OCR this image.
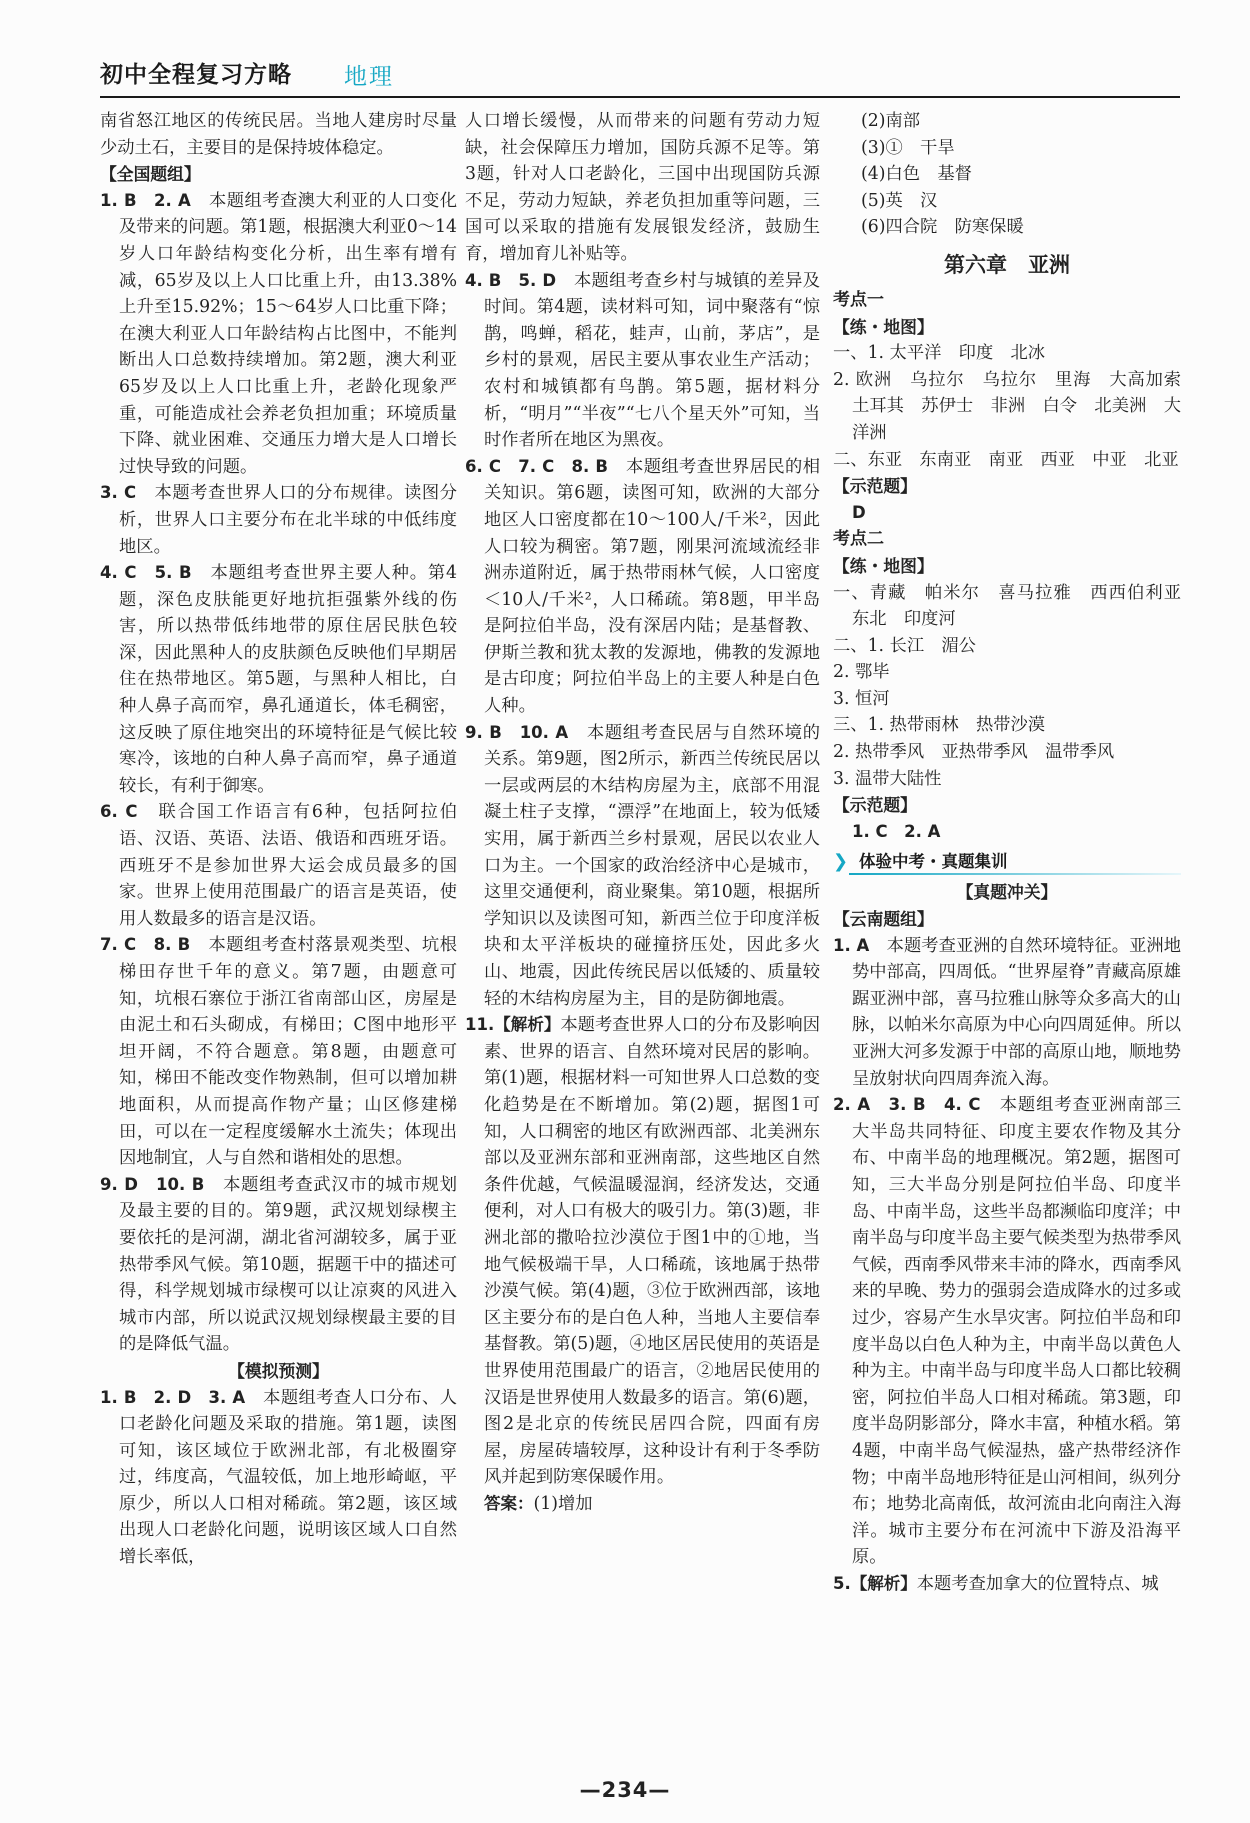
初中全程复习方略 地理

南省怒江地区的传统民居。当地人建房时尽量少动土石，主要目的是保持坡体稳定。

【全国题组】

1. B　2. A　本题组考查澳大利亚的人口变化及带来的问题。第1题，根据澳大利亚0～14岁人口年龄结构变化分析，出生率有增有减，65岁及以上人口比重上升，由13.38%上升至15.92%；15～64岁人口比重下降；在澳大利亚人口年龄结构占比图中，不能判断出人口总数持续增加。第2题，澳大利亚65岁及以上人口比重上升，老龄化现象严重，可能造成社会养老负担加重；环境质量下降、就业困难、交通压力增大是人口增长过快导致的问题。

3. C　本题考查世界人口的分布规律。读图分析，世界人口主要分布在北半球的中低纬度地区。

4. C　5. B　本题组考查世界主要人种。第4题，深色皮肤能更好地抗拒强紫外线的伤害，所以热带低纬地带的原住居民肤色较深，因此黑种人的皮肤颜色反映他们早期居住在热带地区。第5题，与黑种人相比，白种人鼻子高而窄，鼻孔通道长，体毛稠密，这反映了原住地突出的环境特征是气候比较寒冷，该地的白种人鼻子高而窄，鼻子通道较长，有利于御寒。

6. C　联合国工作语言有6种，包括阿拉伯语、汉语、英语、法语、俄语和西班牙语。西班牙不是参加世界大运会成员最多的国家。世界上使用范围最广的语言是英语，使用人数最多的语言是汉语。

7. C　8. B　本题组考查村落景观类型、坑根梯田存世千年的意义。第7题，由题意可知，坑根石寨位于浙江省南部山区，房屋是由泥土和石头砌成，有梯田；C图中地形平坦开阔，不符合题意。第8题，由题意可知，梯田不能改变作物熟制，但可以增加耕地面积，从而提高作物产量；山区修建梯田，可以在一定程度缓解水土流失；体现出因地制宜，人与自然和谐相处的思想。

9. D　10. B　本题组考查武汉市的城市规划及最主要的目的。第9题，武汉规划绿楔主要依托的是河湖，湖北省河湖较多，属于亚热带季风气候。第10题，据题干中的描述可得，科学规划城市绿楔可以让凉爽的风进入城市内部，所以说武汉规划绿楔最主要的目的是降低气温。

【模拟预测】

1. B　2. D　3. A　本题组考查人口分布、人口老龄化问题及采取的措施。第1题，读图可知，该区域位于欧洲北部，有北极圈穿过，纬度高，气温较低，加上地形崎岖，平原少，所以人口相对稀疏。第2题，该区域出现人口老龄化问题，说明该区域人口自然增长率低，

人口增长缓慢，从而带来的问题有劳动力短缺，社会保障压力增加，国防兵源不足等。第3题，针对人口老龄化，三国中出现国防兵源不足，劳动力短缺，养老负担加重等问题，三国可以采取的措施有发展银发经济，鼓励生育，增加育儿补贴等。

4. B　5. D　本题组考查乡村与城镇的差异及时间。第4题，读材料可知，词中聚落有“惊鹊，鸣蝉，稻花，蛙声，山前，茅店”，是乡村的景观，居民主要从事农业生产活动；农村和城镇都有鸟鹊。第5题，据材料分析，“明月”“半夜”“七八个星天外”可知，当时作者所在地区为黑夜。

6. C　7. C　8. B　本题组考查世界居民的相关知识。第6题，读图可知，欧洲的大部分地区人口密度都在10～100人/千米²，因此人口较为稠密。第7题，刚果河流域流经非洲赤道附近，属于热带雨林气候，人口密度＜10人/千米²，人口稀疏。第8题，甲半岛是阿拉伯半岛，没有深居内陆；是基督教、伊斯兰教和犹太教的发源地，佛教的发源地是古印度；阿拉伯半岛上的主要人种是白色人种。

9. B　10. A　本题组考查民居与自然环境的关系。第9题，图2所示，新西兰传统民居以一层或两层的木结构房屋为主，底部不用混凝土柱子支撑，“漂浮”在地面上，较为低矮实用，属于新西兰乡村景观，居民以农业人口为主。一个国家的政治经济中心是城市，这里交通便利，商业聚集。第10题，根据所学知识以及读图可知，新西兰位于印度洋板块和太平洋板块的碰撞挤压处，因此多火山、地震，因此传统民居以低矮的、质量较轻的木结构房屋为主，目的是防御地震。

11.【解析】本题考查世界人口的分布及影响因素、世界的语言、自然环境对民居的影响。第(1)题，根据材料一可知世界人口总数的变化趋势是在不断增加。第(2)题，据图1可知，人口稠密的地区有欧洲西部、北美洲东部以及亚洲东部和亚洲南部，这些地区自然条件优越，气候温暖湿润，经济发达，交通便利，对人口有极大的吸引力。第(3)题，非洲北部的撒哈拉沙漠位于图1中的①地，当地气候极端干旱，人口稀疏，该地属于热带沙漠气候。第(4)题，③位于欧洲西部，该地区主要分布的是白色人种，当地人主要信奉基督教。第(5)题，④地区居民使用的英语是世界使用范围最广的语言，②地居民使用的汉语是世界使用人数最多的语言。第(6)题，图2是北京的传统民居四合院，四面有房屋，房屋砖墙较厚，这种设计有利于冬季防风并起到防寒保暖作用。

答案：(1)增加

(2)南部

(3)①　干旱

(4)白色　基督

(5)英　汉

(6)四合院　防寒保暖

第六章　亚洲

考点一

【练・地图】

一、1. 太平洋　印度　北冰

2. 欧洲　乌拉尔　乌拉尔　里海　大高加索　土耳其　苏伊士　非洲　白令　北美洲　大洋洲

二、东亚　东南亚　南亚　西亚　中亚　北亚

【示范题】

D

考点二

【练・地图】

一、青藏　帕米尔　喜马拉雅　西西伯利亚　东北　印度河

二、1. 长江　湄公

2. 鄂毕

3. 恒河

三、1. 热带雨林　热带沙漠

2. 热带季风　亚热带季风　温带季风

3. 温带大陆性

【示范题】

1. C　2. A

❯ 体验中考・真题集训

【真题冲关】

【云南题组】

1. A　本题考查亚洲的自然环境特征。亚洲地势中部高，四周低。“世界屋脊”青藏高原雄踞亚洲中部，喜马拉雅山脉等众多高大的山脉，以帕米尔高原为中心向四周延伸。所以亚洲大河多发源于中部的高原山地，顺地势呈放射状向四周奔流入海。

2. A　3. B　4. C　本题组考查亚洲南部三大半岛共同特征、印度主要农作物及其分布、中南半岛的地理概况。第2题，据图可知，三大半岛分别是阿拉伯半岛、印度半岛、中南半岛，这些半岛都濒临印度洋；中南半岛与印度半岛主要气候类型为热带季风气候，西南季风带来丰沛的降水，西南季风来的早晚、势力的强弱会造成降水的过多或过少，容易产生水旱灾害。阿拉伯半岛和印度半岛以白色人种为主，中南半岛以黄色人种为主。中南半岛与印度半岛人口都比较稠密，阿拉伯半岛人口相对稀疏。第3题，印度半岛阴影部分，降水丰富，种植水稻。第4题，中南半岛气候湿热，盛产热带经济作物；中南半岛地形特征是山河相间，纵列分布；地势北高南低，故河流由北向南注入海洋。城市主要分布在河流中下游及沿海平原。

5.【解析】本题考查加拿大的位置特点、城

—234—
